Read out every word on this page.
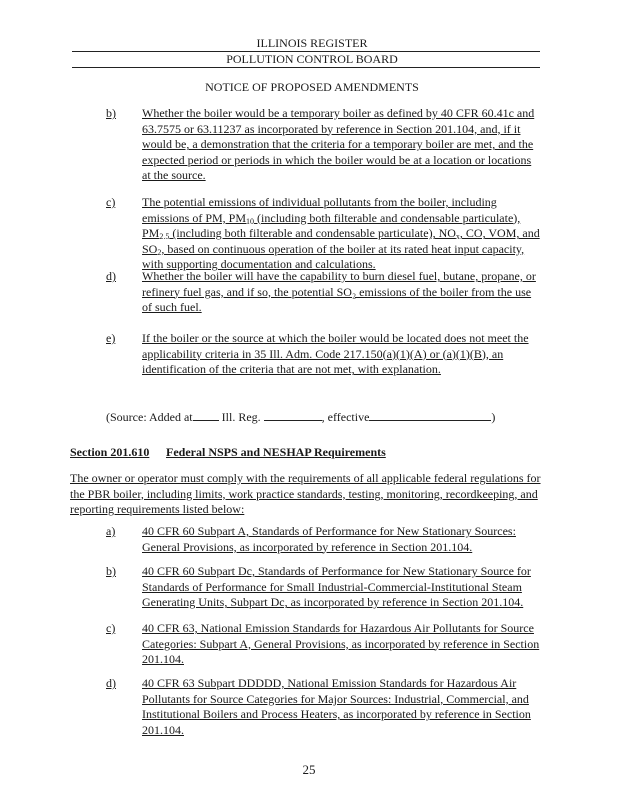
ILLINOIS REGISTER
POLLUTION CONTROL BOARD
NOTICE OF PROPOSED AMENDMENTS
b) Whether the boiler would be a temporary boiler as defined by 40 CFR 60.41c and 63.7575 or 63.11237 as incorporated by reference in Section 201.104, and, if it would be, a demonstration that the criteria for a temporary boiler are met, and the expected period or periods in which the boiler would be at a location or locations at the source.
c) The potential emissions of individual pollutants from the boiler, including emissions of PM, $PM_{10}$ (including both filterable and condensable particulate), $PM_{2.5}$ (including both filterable and condensable particulate), $NO_x$, CO, VOM, and $SO_2$, based on continuous operation of the boiler at its rated heat input capacity, with supporting documentation and calculations.
d) Whether the boiler will have the capability to burn diesel fuel, butane, propane, or refinery fuel gas, and if so, the potential SO₂ emissions of the boiler from the use of such fuel.
e) If the boiler or the source at which the boiler would be located does not meet the applicability criteria in 35 Ill. Adm. Code 217.150(a)(1)(A) or (a)(1)(B), an identification of the criteria that are not met, with explanation.
(Source: Added at Ill. Reg.	, effective	)
Section 201.610 Federal NSPS and NESHAP Requirements
The owner or operator must comply with the requirements of all applicable federal regulations for the PBR boiler, including limits, work practice standards, testing, monitoring, recordkeeping, and reporting requirements listed below:
a) 40 CFR 60 Subpart A, Standards of Performance for New Stationary Sources: General Provisions, as incorporated by reference in Section 201.104.
b) 40 CFR 60 Subpart Dc, Standards of Performance for New Stationary Source for Standards of Performance for Small Industrial-Commercial-Institutional Steam Generating Units, Subpart Dc, as incorporated by reference in Section 201.104.
c) 40 CFR 63, National Emission Standards for Hazardous Air Pollutants for Source Categories: Subpart A, General Provisions, as incorporated by reference in Section 201.104.
d) 40 CFR 63 Subpart DDDDD, National Emission Standards for Hazardous Air Pollutants for Source Categories for Major Sources: Industrial, Commercial, and Institutional Boilers and Process Heaters, as incorporated by reference in Section 201.104.
25
